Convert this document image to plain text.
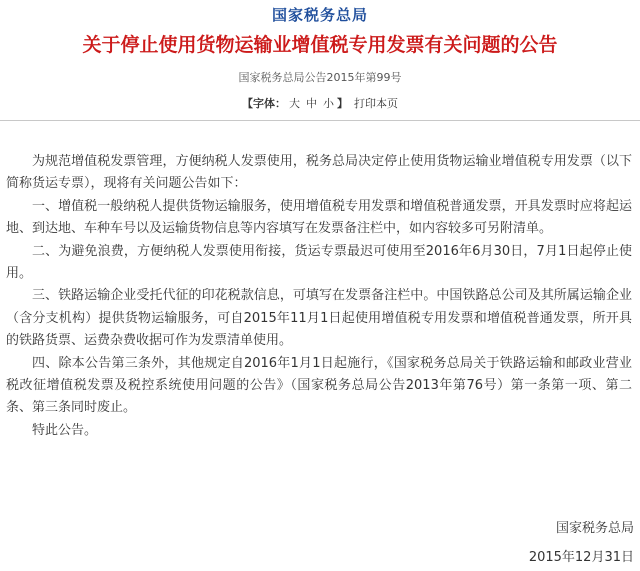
国家税务总局
关于停止使用货物运输业增值税专用发票有关问题的公告
国家税务总局公告2015年第99号
【字体： 大 中 小 】 打印本页

为规范增值税发票管理，方便纳税人发票使用，税务总局决定停止使用货物运输业增值税专用发票（以下简称货运专票），现将有关问题公告如下：

一、增值税一般纳税人提供货物运输服务，使用增值税专用发票和增值税普通发票，开具发票时应将起运地、到达地、车种车号以及运输货物信息等内容填写在发票备注栏中，如内容较多可另附清单。

二、为避免浪费，方便纳税人发票使用衔接，货运专票最迟可使用至2016年6月30日，7月1日起停止使用。

三、铁路运输企业受托代征的印花税款信息，可填写在发票备注栏中。中国铁路总公司及其所属运输企业（含分支机构）提供货物运输服务，可自2015年11月1日起使用增值税专用发票和增值税普通发票，所开具的铁路货票、运费杂费收据可作为发票清单使用。

四、除本公告第三条外，其他规定自2016年1月1日起施行，《国家税务总局关于铁路运输和邮政业营业税改征增值税发票及税控系统使用问题的公告》（国家税务总局公告2013年第76号）第一条第一项、第二条、第三条同时废止。

特此公告。

国家税务总局
2015年12月31日
